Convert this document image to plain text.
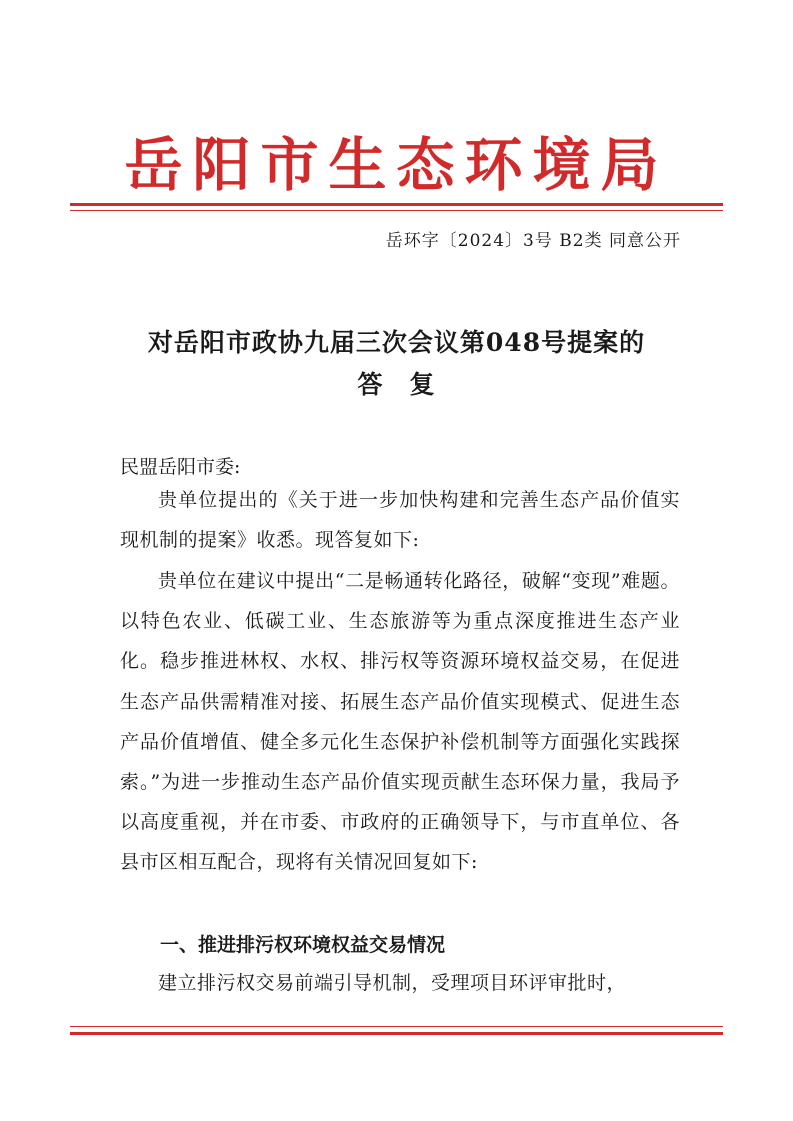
岳阳市生态环境局
岳环字〔2024〕3号 B2类 同意公开
对岳阳市政协九届三次会议第048号提案的
答　复
民盟岳阳市委:
贵单位提出的《关于进一步加快构建和完善生态产品价值实现机制的提案》收悉。现答复如下:
贵单位在建议中提出“二是畅通转化路径，破解“变现”难题。以特色农业、低碳工业、生态旅游等为重点深度推进生态产业化。稳步推进林权、水权、排污权等资源环境权益交易，在促进生态产品供需精准对接、拓展生态产品价值实现模式、促进生态产品价值增值、健全多元化生态保护补偿机制等方面强化实践探索。”为进一步推动生态产品价值实现贡献生态环保力量，我局予以高度重视，并在市委、市政府的正确领导下，与市直单位、各县市区相互配合，现将有关情况回复如下:
一、推进排污权环境权益交易情况
建立排污权交易前端引导机制，受理项目环评审批时，
